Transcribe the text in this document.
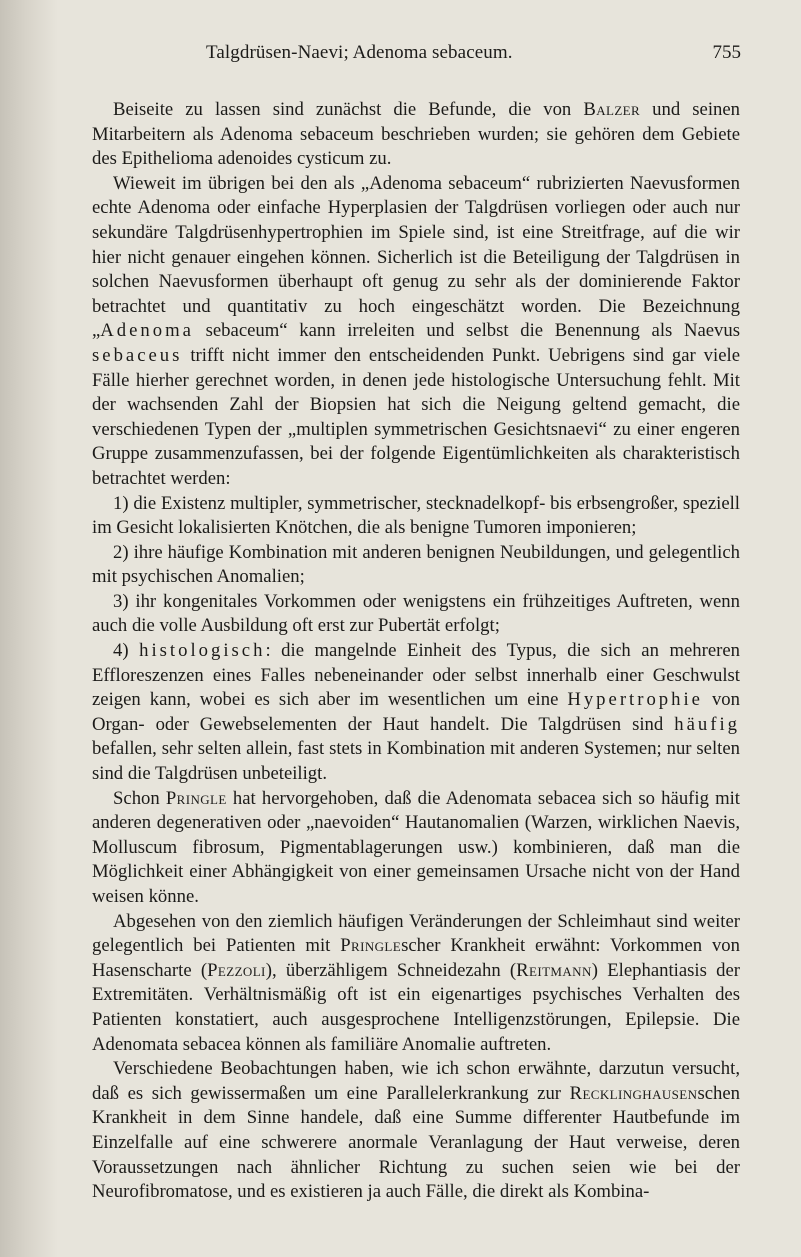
Talgdrüsen-Naevi; Adenoma sebaceum.	755

Beiseite zu lassen sind zunächst die Befunde, die von Balzer und seinen Mitarbeitern als Adenoma sebaceum beschrieben wurden; sie gehören dem Gebiete des Epithelioma adenoides cysticum zu.

Wieweit im übrigen bei den als „Adenoma sebaceum“ rubrizierten Naevusformen echte Adenoma oder einfache Hyperplasien der Talgdrüsen vorliegen oder auch nur sekundäre Talgdrüsenhypertrophien im Spiele sind, ist eine Streitfrage, auf die wir hier nicht genauer eingehen können. Sicherlich ist die Beteiligung der Talgdrüsen in solchen Naevusformen überhaupt oft genug zu sehr als der dominierende Faktor betrachtet und quantitativ zu hoch eingeschätzt worden. Die Bezeichnung „Adenoma sebaceum“ kann irreleiten und selbst die Benennung als Naevus sebaceus trifft nicht immer den entscheidenden Punkt. Uebrigens sind gar viele Fälle hierher gerechnet worden, in denen jede histologische Untersuchung fehlt. Mit der wachsenden Zahl der Biopsien hat sich die Neigung geltend gemacht, die verschiedenen Typen der „multiplen symmetrischen Gesichtsnaevi“ zu einer engeren Gruppe zusammenzufassen, bei der folgende Eigentümlichkeiten als charakteristisch betrachtet werden:

1) die Existenz multipler, symmetrischer, stecknadelkopf- bis erbsengroßer, speziell im Gesicht lokalisierten Knötchen, die als benigne Tumoren imponieren;

2) ihre häufige Kombination mit anderen benignen Neubildungen, und gelegentlich mit psychischen Anomalien;

3) ihr kongenitales Vorkommen oder wenigstens ein frühzeitiges Auftreten, wenn auch die volle Ausbildung oft erst zur Pubertät erfolgt;

4) histologisch: die mangelnde Einheit des Typus, die sich an mehreren Effloreszenzen eines Falles nebeneinander oder selbst innerhalb einer Geschwulst zeigen kann, wobei es sich aber im wesentlichen um eine Hypertrophie von Organ- oder Gewebselementen der Haut handelt. Die Talgdrüsen sind häufig befallen, sehr selten allein, fast stets in Kombination mit anderen Systemen; nur selten sind die Talgdrüsen unbeteiligt.

Schon Pringle hat hervorgehoben, daß die Adenomata sebacea sich so häufig mit anderen degenerativen oder „naevoiden“ Hautanomalien (Warzen, wirklichen Naevis, Molluscum fibrosum, Pigmentablagerungen usw.) kombinieren, daß man die Möglichkeit einer Abhängigkeit von einer gemeinsamen Ursache nicht von der Hand weisen könne.

Abgesehen von den ziemlich häufigen Veränderungen der Schleimhaut sind weiter gelegentlich bei Patienten mit Pringlescher Krankheit erwähnt: Vorkommen von Hasenscharte (Pezzoli), überzähligem Schneidezahn (Reitmann) Elephantiasis der Extremitäten. Verhältnismäßig oft ist ein eigenartiges psychisches Verhalten des Patienten konstatiert, auch ausgesprochene Intelligenzstörungen, Epilepsie. Die Adenomata sebacea können als familiäre Anomalie auftreten.

Verschiedene Beobachtungen haben, wie ich schon erwähnte, darzutun versucht, daß es sich gewissermaßen um eine Parallelerkrankung zur Recklinghausenschen Krankheit in dem Sinne handele, daß eine Summe differenter Hautbefunde im Einzelfalle auf eine schwerere anormale Veranlagung der Haut verweise, deren Voraussetzungen nach ähnlicher Richtung zu suchen seien wie bei der Neurofibromatose, und es existieren ja auch Fälle, die direkt als Kombina-
